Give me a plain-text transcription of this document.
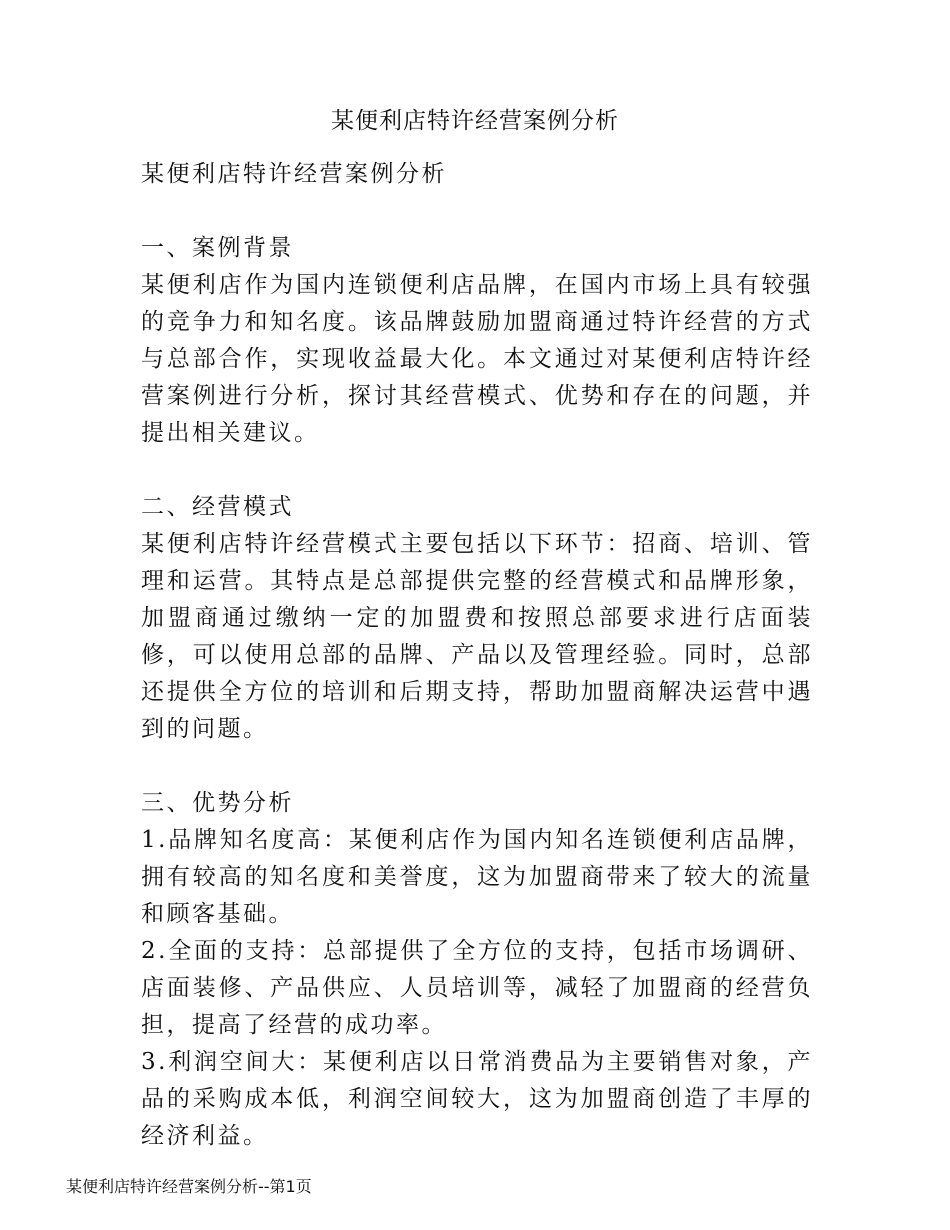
某便利店特许经营案例分析

某便利店特许经营案例分析

一、案例背景

某便利店作为国内连锁便利店品牌，在国内市场上具有较强的竞争力和知名度。该品牌鼓励加盟商通过特许经营的方式与总部合作，实现收益最大化。本文通过对某便利店特许经营案例进行分析，探讨其经营模式、优势和存在的问题，并提出相关建议。

二、经营模式

某便利店特许经营模式主要包括以下环节：招商、培训、管理和运营。其特点是总部提供完整的经营模式和品牌形象，加盟商通过缴纳一定的加盟费和按照总部要求进行店面装修，可以使用总部的品牌、产品以及管理经验。同时，总部还提供全方位的培训和后期支持，帮助加盟商解决运营中遇到的问题。

三、优势分析

1.品牌知名度高：某便利店作为国内知名连锁便利店品牌，拥有较高的知名度和美誉度，这为加盟商带来了较大的流量和顾客基础。

2.全面的支持：总部提供了全方位的支持，包括市场调研、店面装修、产品供应、人员培训等，减轻了加盟商的经营负担，提高了经营的成功率。

3.利润空间大：某便利店以日常消费品为主要销售对象，产品的采购成本低，利润空间较大，这为加盟商创造了丰厚的经济利益。

某便利店特许经营案例分析--第1页
